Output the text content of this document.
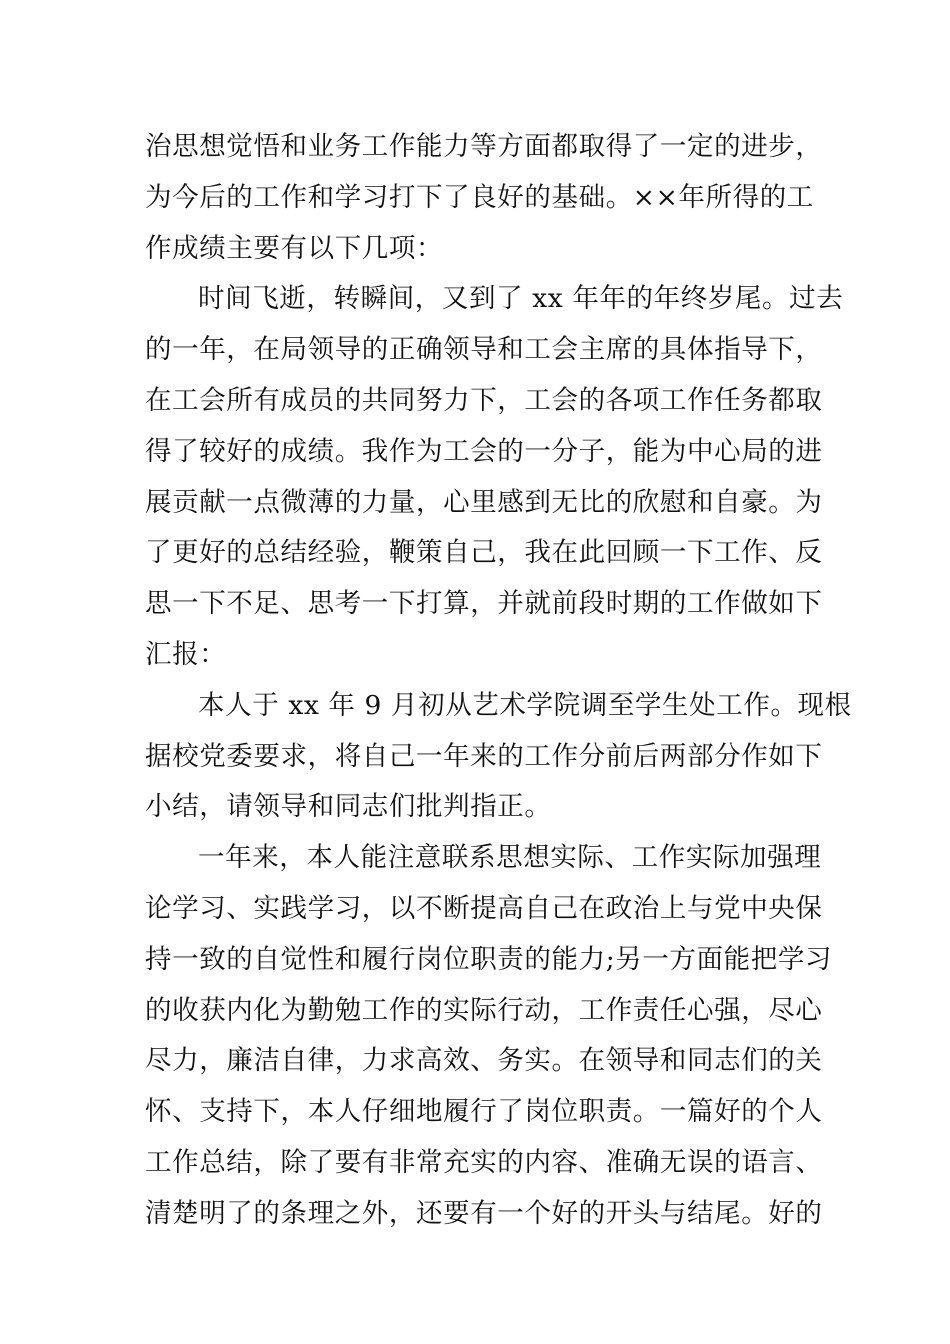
治思想觉悟和业务工作能力等方面都取得了一定的进步，
为今后的工作和学习打下了良好的基础。××年所得的工
作成绩主要有以下几项：
时间飞逝，转瞬间，又到了 xx 年年的年终岁尾。过去
的一年，在局领导的正确领导和工会主席的具体指导下，
在工会所有成员的共同努力下，工会的各项工作任务都取
得了较好的成绩。我作为工会的一分子，能为中心局的进
展贡献一点微薄的力量，心里感到无比的欣慰和自豪。为
了更好的总结经验，鞭策自己，我在此回顾一下工作、反
思一下不足、思考一下打算，并就前段时期的工作做如下
汇报：
本人于 xx 年 9 月初从艺术学院调至学生处工作。现根
据校党委要求，将自己一年来的工作分前后两部分作如下
小结，请领导和同志们批判指正。
一年来，本人能注意联系思想实际、工作实际加强理
论学习、实践学习，以不断提高自己在政治上与党中央保
持一致的自觉性和履行岗位职责的能力;另一方面能把学习
的收获内化为勤勉工作的实际行动，工作责任心强，尽心
尽力，廉洁自律，力求高效、务实。在领导和同志们的关
怀、支持下，本人仔细地履行了岗位职责。一篇好的个人
工作总结，除了要有非常充实的内容、准确无误的语言、
清楚明了的条理之外，还要有一个好的开头与结尾。好的
